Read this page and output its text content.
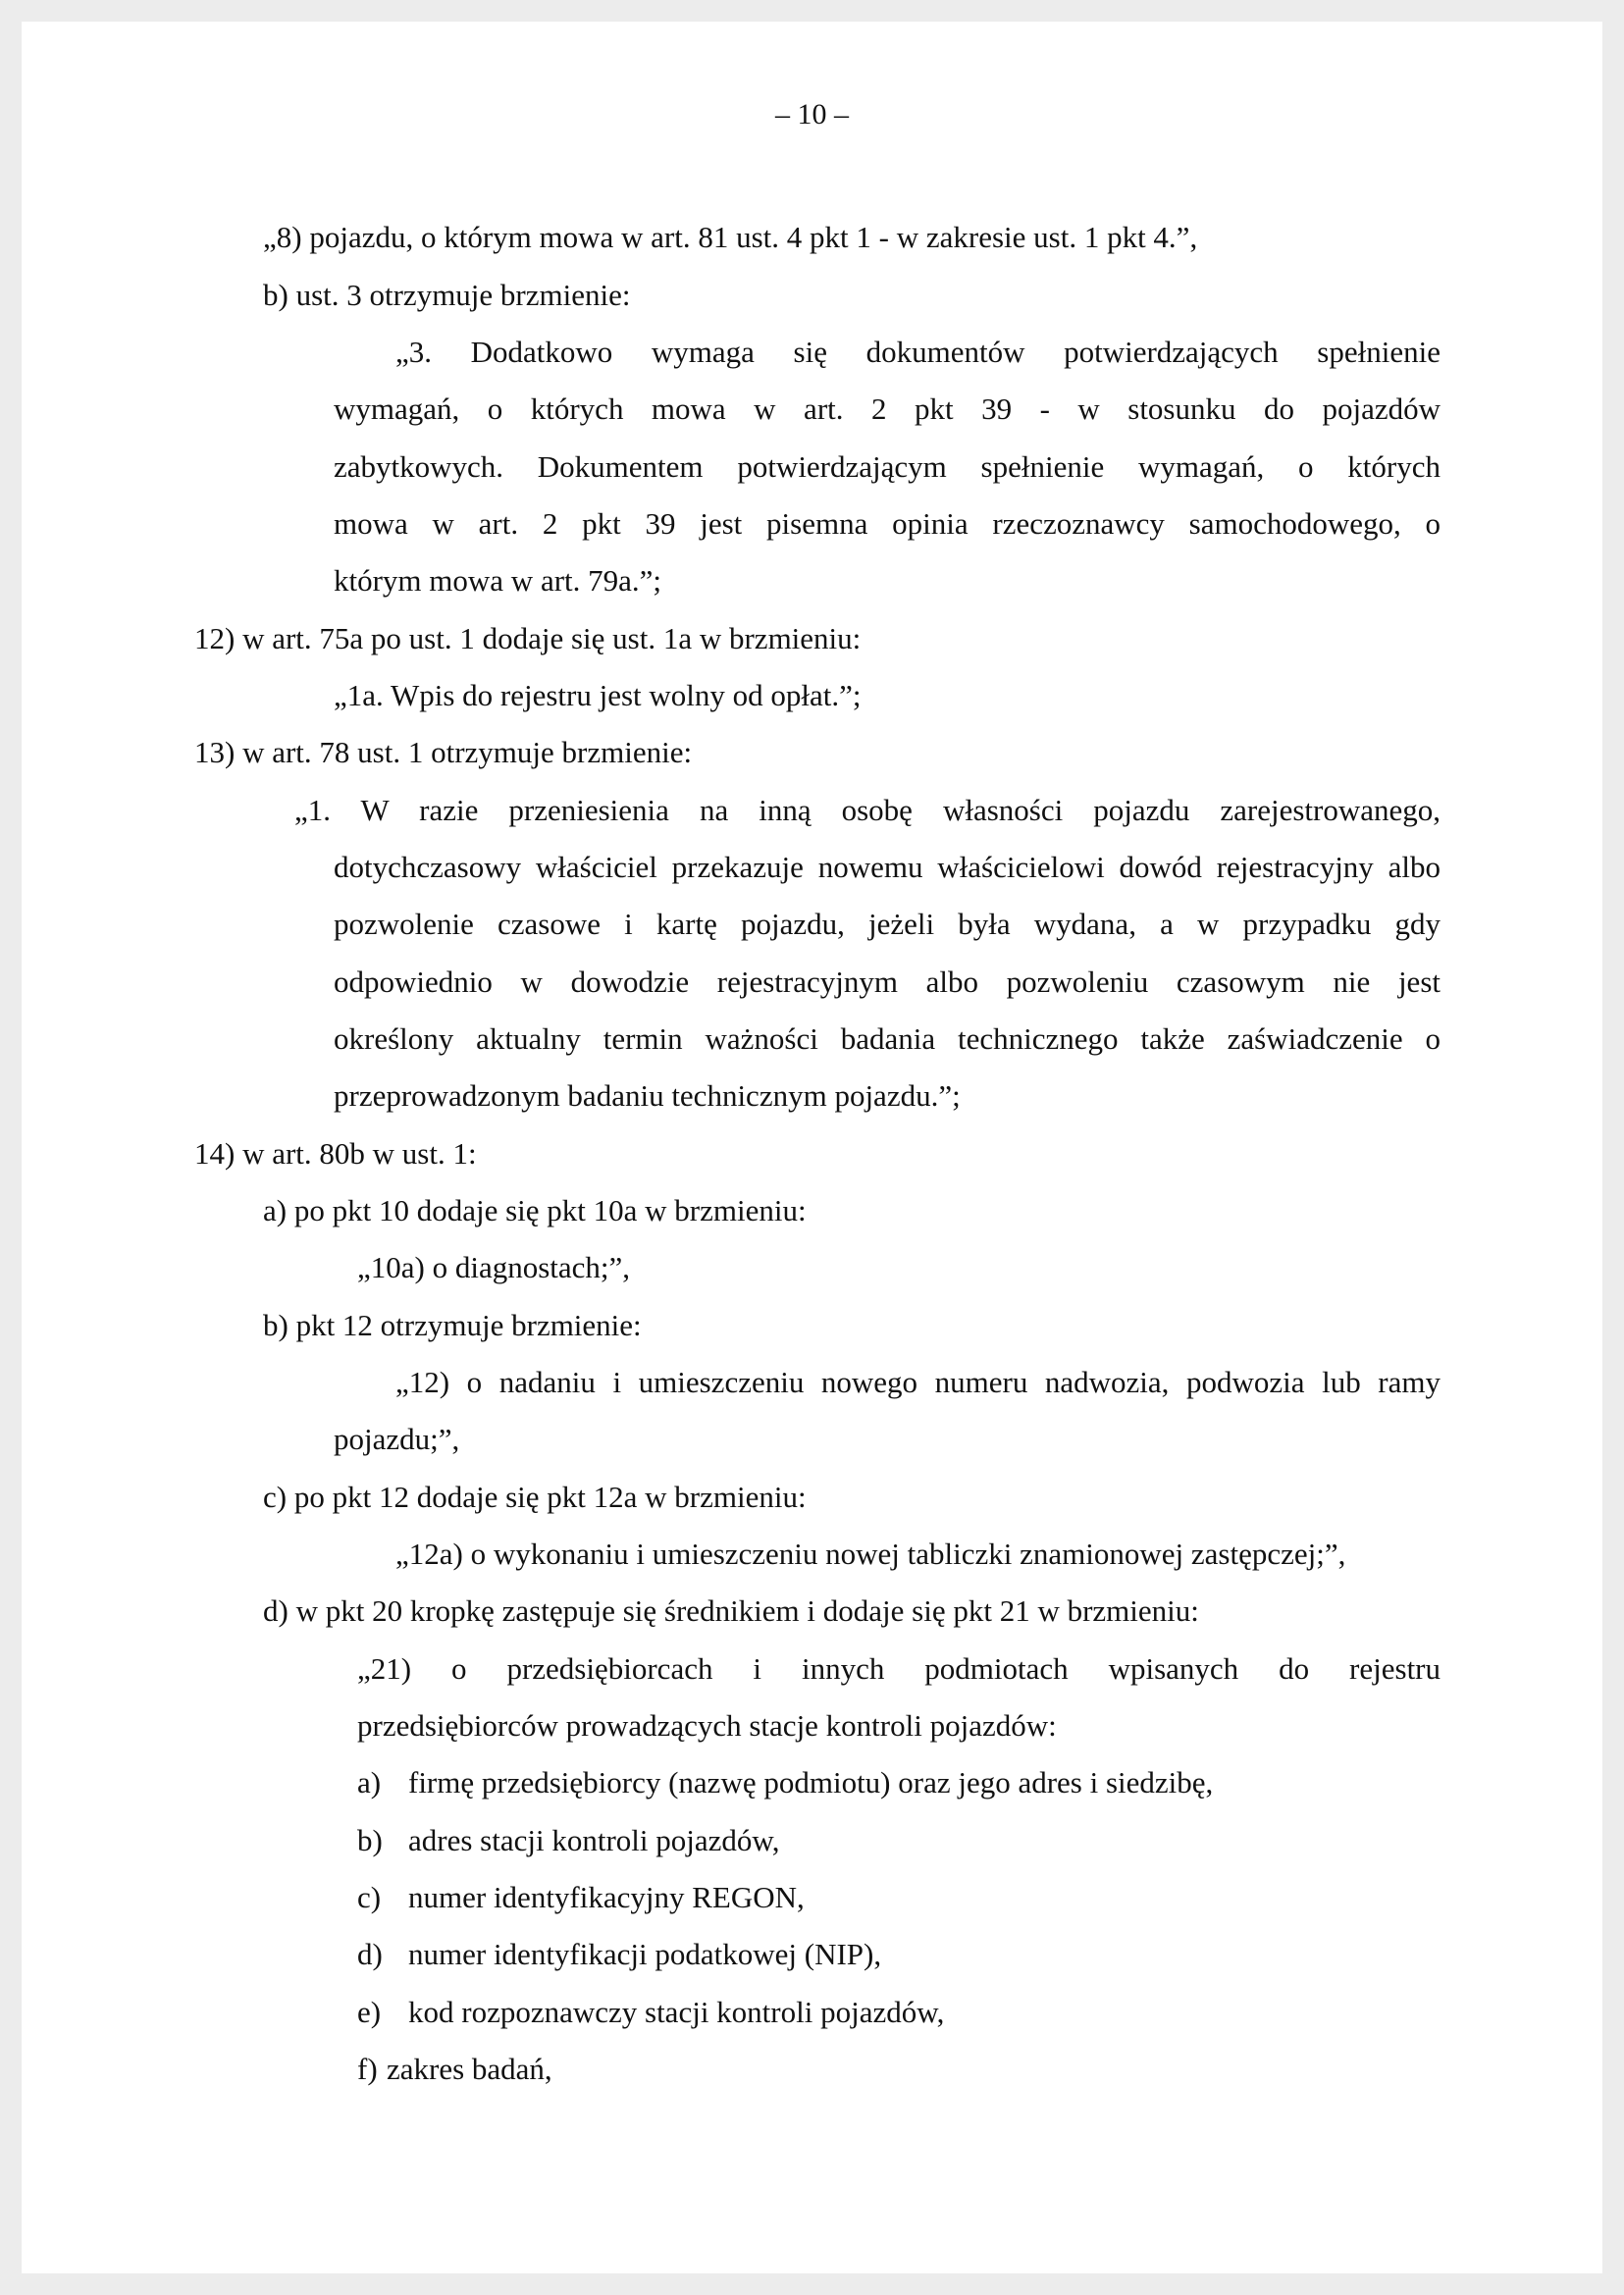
– 10 –
„8) pojazdu, o którym mowa w art. 81 ust. 4 pkt 1 - w zakresie ust. 1 pkt 4.”,
b) ust. 3 otrzymuje brzmienie:
„3. Dodatkowo wymaga się dokumentów potwierdzających spełnienie
wymagań, o których mowa w art. 2 pkt 39 - w stosunku do pojazdów
zabytkowych. Dokumentem potwierdzającym spełnienie wymagań, o których
mowa w art. 2 pkt 39 jest pisemna opinia rzeczoznawcy samochodowego, o
którym mowa w art. 79a.”;
12) w art. 75a po ust. 1 dodaje się ust. 1a w brzmieniu:
„1a. Wpis do rejestru jest wolny od opłat.”;
13) w art. 78 ust. 1 otrzymuje brzmienie:
„1. W razie przeniesienia na inną osobę własności pojazdu zarejestrowanego,
dotychczasowy właściciel przekazuje nowemu właścicielowi dowód rejestracyjny albo
pozwolenie czasowe i kartę pojazdu, jeżeli była wydana, a w przypadku gdy
odpowiednio w dowodzie rejestracyjnym albo pozwoleniu czasowym nie jest
określony aktualny termin ważności badania technicznego także zaświadczenie o
przeprowadzonym badaniu technicznym pojazdu.”;
14) w art. 80b w ust. 1:
a) po pkt 10 dodaje się pkt 10a w brzmieniu:
„10a) o diagnostach;”,
b) pkt 12 otrzymuje brzmienie:
„12) o nadaniu i umieszczeniu nowego numeru nadwozia, podwozia lub ramy
pojazdu;”,
c) po pkt 12 dodaje się pkt 12a w brzmieniu:
„12a) o wykonaniu i umieszczeniu nowej tabliczki znamionowej zastępczej;”,
d) w pkt 20 kropkę zastępuje się średnikiem i dodaje się pkt 21 w brzmieniu:
„21) o przedsiębiorcach i innych podmiotach wpisanych do rejestru
przedsiębiorców prowadzących stacje kontroli pojazdów:
a) firmę przedsiębiorcy (nazwę podmiotu) oraz jego adres i siedzibę,
b) adres stacji kontroli pojazdów,
c) numer identyfikacyjny REGON,
d) numer identyfikacji podatkowej (NIP),
e) kod rozpoznawczy stacji kontroli pojazdów,
f) zakres badań,
